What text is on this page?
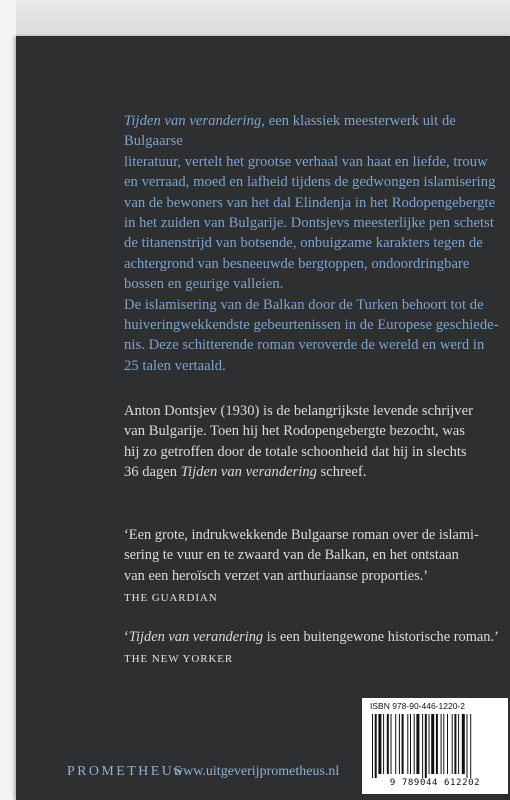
Tijden van verandering, een klassiek meesterwerk uit de Bulgaarse

literatuur, vertelt het grootse verhaal van haat en liefde, trouw

en verraad, moed en lafheid tijdens de gedwongen islamisering

van de bewoners van het dal Elindenja in het Rodopengebergte

in het zuiden van Bulgarije. Dontsjevs meesterlijke pen schetst

de titanenstrijd van botsende, onbuigzame karakters tegen de

achtergrond van besneeuwde bergtoppen, ondoordringbare

bossen en geurige valleien.

De islamisering van de Balkan door de Turken behoort tot de

huiveringwekkendste gebeurtenissen in de Europese geschiede-

nis. Deze schitterende roman veroverde de wereld en werd in

25 talen vertaald.

Anton Dontsjev (1930) is de belangrijkste levende schrijver

van Bulgarije. Toen hij het Rodopengebergte bezocht, was

hij zo getroffen door de totale schoonheid dat hij in slechts

36 dagen Tijden van verandering schreef.

‘Een grote, indrukwekkende Bulgaarse roman over de islami-

sering te vuur en te zwaard van de Balkan, en het ontstaan

van een heroïsch verzet van arthuriaanse proporties.’

THE GUARDIAN

‘Tijden van verandering is een buitengewone historische roman.’

THE NEW YORKER
PROMETHEUS
www.uitgeverijprometheus.nl
ISBN 978-90-446-1220-2
9 789044 612202
